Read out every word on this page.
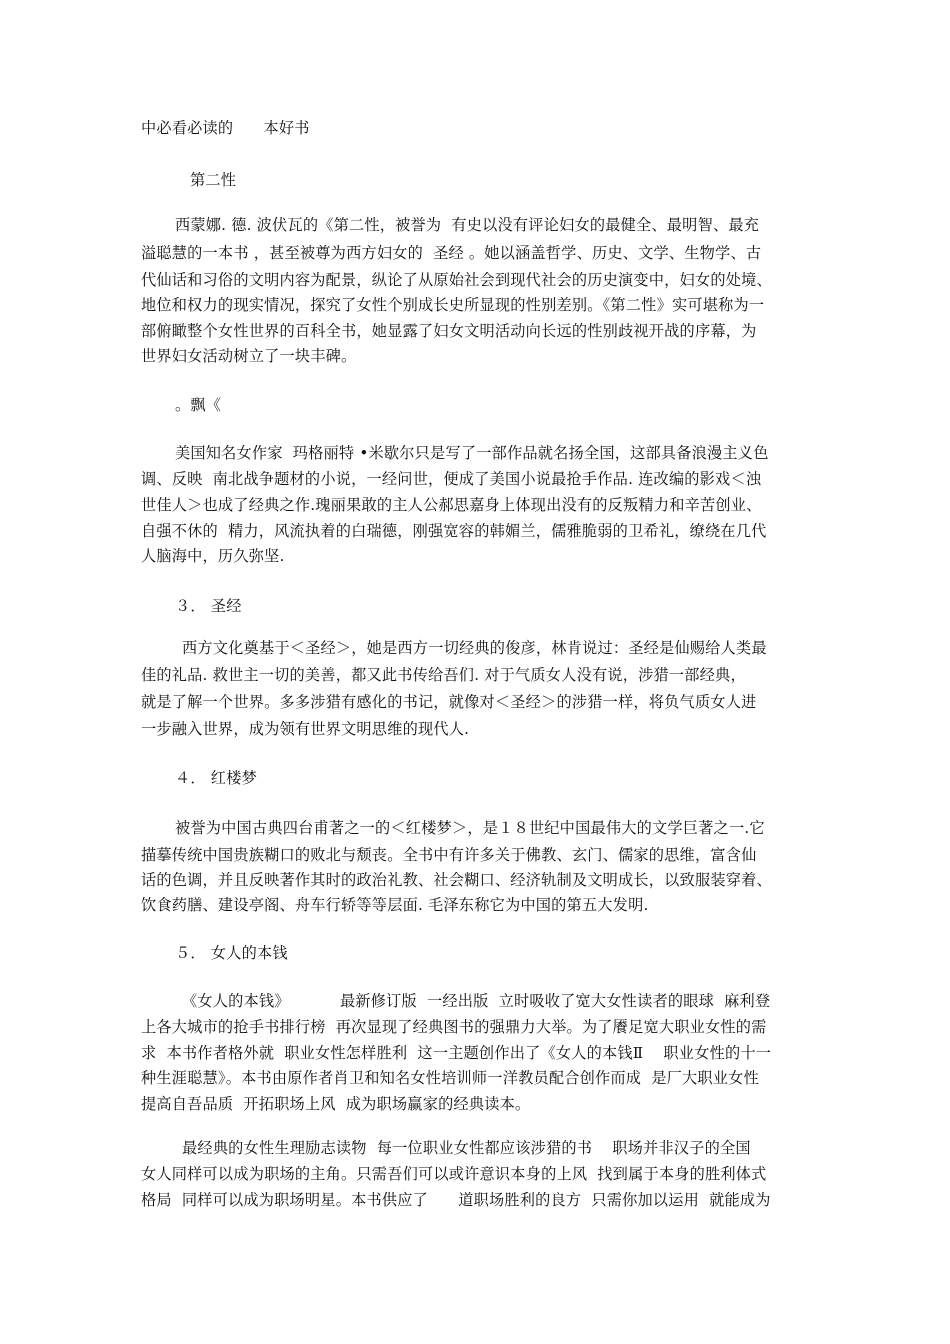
中必看必读的      本好书
第二性
西蒙娜. 德. 波伏瓦的《第二性，被誉为  有史以没有评论妇女的最健全、最明智、最充
溢聪慧的一本书 ，甚至被尊为西方妇女的  圣经 。她以涵盖哲学、历史、文学、生物学、古
代仙话和习俗的文明内容为配景，纵论了从原始社会到现代社会的历史演变中，妇女的处境、
地位和权力的现实情况，探究了女性个别成长史所显现的性别差别。《第二性》实可堪称为一
部俯瞰整个女性世界的百科全书，她显露了妇女文明活动向长远的性别歧视开战的序幕，为
世界妇女活动树立了一块丰碑。
。飘《
美国知名女作家  玛格丽特 •米歇尔只是写了一部作品就名扬全国，这部具备浪漫主义色
调、反映  南北战争题材的小说，一经问世，便成了美国小说最抢手作品. 连改编的影戏＜浊
世佳人＞也成了经典之作.瑰丽果敢的主人公郝思嘉身上体现出没有的反叛精力和辛苦创业、
自强不休的  精力，风流执着的白瑞德，刚强宽容的韩媚兰，儒雅脆弱的卫希礼，缭绕在几代
人脑海中，历久弥坚.
３． 圣经
西方文化奠基于＜圣经＞，她是西方一切经典的俊彦，林肯说过：圣经是仙赐给人类最
佳的礼品. 救世主一切的美善，都又此书传给吾们. 对于气质女人没有说，涉猎一部经典，
就是了解一个世界。多多涉猎有感化的书记，就像对＜圣经＞的涉猎一样，将负气质女人进
一步融入世界，成为领有世界文明思维的现代人.
４． 红楼梦
被誉为中国古典四台甫著之一的＜红楼梦＞，是１８世纪中国最伟大的文学巨著之一.它
描摹传统中国贵族糊口的败北与颓丧。全书中有许多关于佛教、玄门、儒家的思维，富含仙
话的色调，并且反映著作其时的政治礼教、社会糊口、经济轨制及文明成长，以致服装穿着、
饮食药膳、建设亭阁、舟车行轿等等层面. 毛泽东称它为中国的第五大发明.
５． 女人的本钱
《女人的本钱》          最新修订版  一经出版  立时吸收了宽大女性读者的眼球  麻利登
上各大城市的抢手书排行榜  再次显现了经典图书的强鼎力大举。为了餍足宽大职业女性的需
求  本书作者格外就  职业女性怎样胜利  这一主题创作出了《女人的本钱Ⅱ    职业女性的十一
种生涯聪慧》。本书由原作者肖卫和知名女性培训师一洋教员配合创作而成  是厂大职业女性
提高自吾品质  开拓职场上风  成为职场赢家的经典读本。
最经典的女性生理励志读物  每一位职业女性都应该涉猎的书    职场并非汉子的全国
女人同样可以成为职场的主角。只需吾们可以或许意识本身的上风  找到属于本身的胜利体式
格局  同样可以成为职场明星。本书供应了      道职场胜利的良方  只需你加以运用  就能成为
